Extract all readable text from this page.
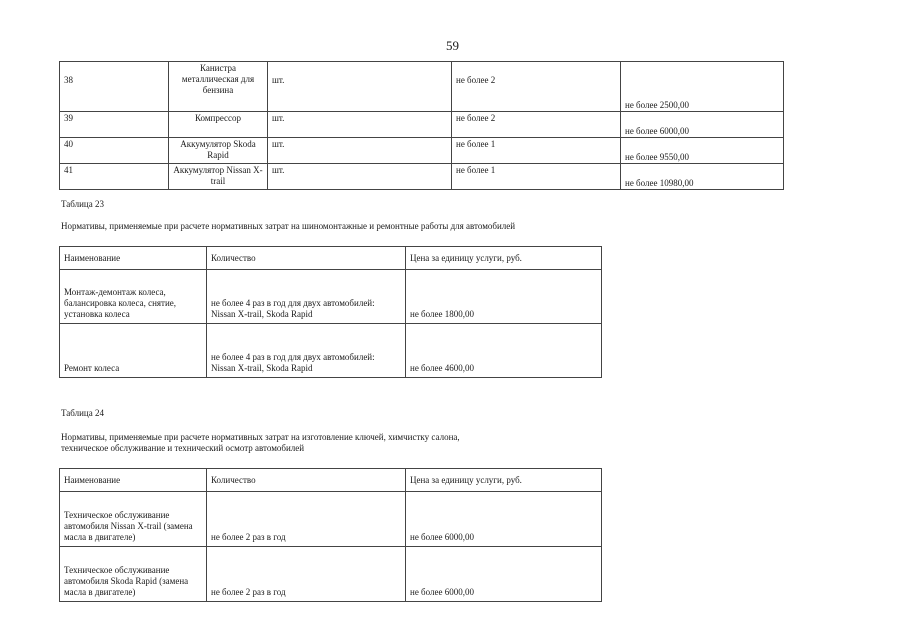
59
38	Канистра металлическая для бензина	шт.	не более 2	не более 2500,00
39	Компрессор	шт.	не более 2	не более 6000,00
40	Аккумулятор Skoda Rapid	шт.	не более 1	не более 9550,00
41	Аккумулятор Nissan X-trail	шт.	не более 1	не более 10980,00
Таблица 23
Нормативы, применяемые при расчете нормативных затрат на шиномонтажные и ремонтные работы для автомобилей
Наименование	Количество	Цена за единицу услуги, руб.
Монтаж-демонтаж колеса, балансировка колеса, снятие, установка колеса	не более 4 раз в год для двух автомобилей: Nissan X-trail, Skoda Rapid	не более 1800,00
Ремонт колеса	не более 4 раз в год для двух автомобилей: Nissan X-trail, Skoda Rapid	не более 4600,00
Таблица 24
Нормативы, применяемые при расчете нормативных затрат на изготовление ключей, химчистку салона,
техническое обслуживание и технический осмотр автомобилей
Наименование	Количество	Цена за единицу услуги, руб.
Техническое обслуживание автомобиля Nissan X-trail (замена масла в двигателе)	не более 2 раз в год	не более 6000,00
Техническое обслуживание автомобиля Skoda Rapid (замена масла в двигателе)	не более 2 раз в год	не более 6000,00
